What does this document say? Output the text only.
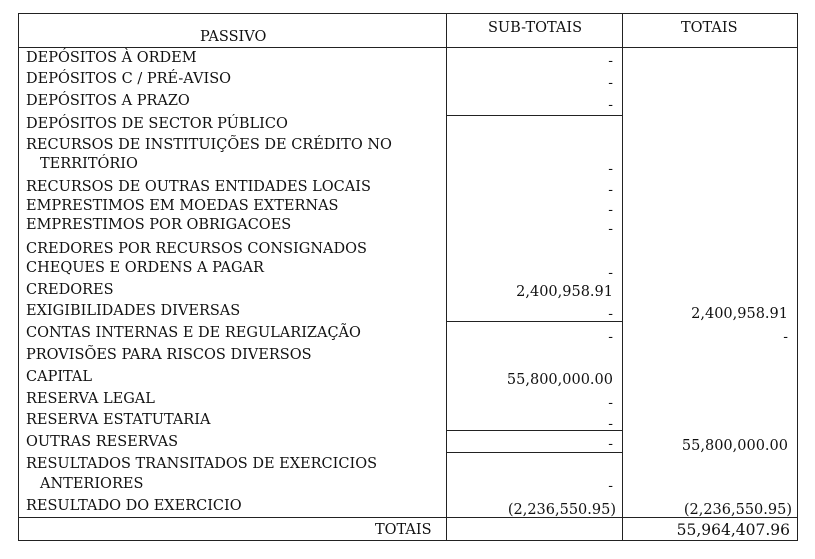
PASSIVO
SUB-TOTAIS	TOTAIS
DEPÓSITOS À ORDEM
DEPÓSITOS C / PRÉ-AVISO
DEPÓSITOS A PRAZO
DEPÓSITOS DE SECTOR PÚBLICO
RECURSOS DE INSTITUIÇÕES DE CRÉDITO NO
TERRITÓRIO
RECURSOS DE OUTRAS ENTIDADES LOCAIS
EMPRESTIMOS EM MOEDAS EXTERNAS
EMPRESTIMOS POR OBRIGACOES
CREDORES POR RECURSOS CONSIGNADOS
CHEQUES E ORDENS A PAGAR
CREDORES
EXIGIBILIDADES DIVERSAS
CONTAS INTERNAS E DE REGULARIZAÇÃO
PROVISÕES PARA RISCOS DIVERSOS
CAPITAL
RESERVA LEGAL
RESERVA ESTATUTARIA
OUTRAS RESERVAS
RESULTADOS TRANSITADOS DE EXERCICIOS
ANTERIORES
RESULTADO DO EXERCICIO
TOTAIS
-
-
-
-
-
-
-
-
2,400,958.91
-
-
55,800,000.00
-
-
-
-
(2,236,550.95)
2,400,958.91
-
55,800,000.00
(2,236,550.95)
55,964,407.96
